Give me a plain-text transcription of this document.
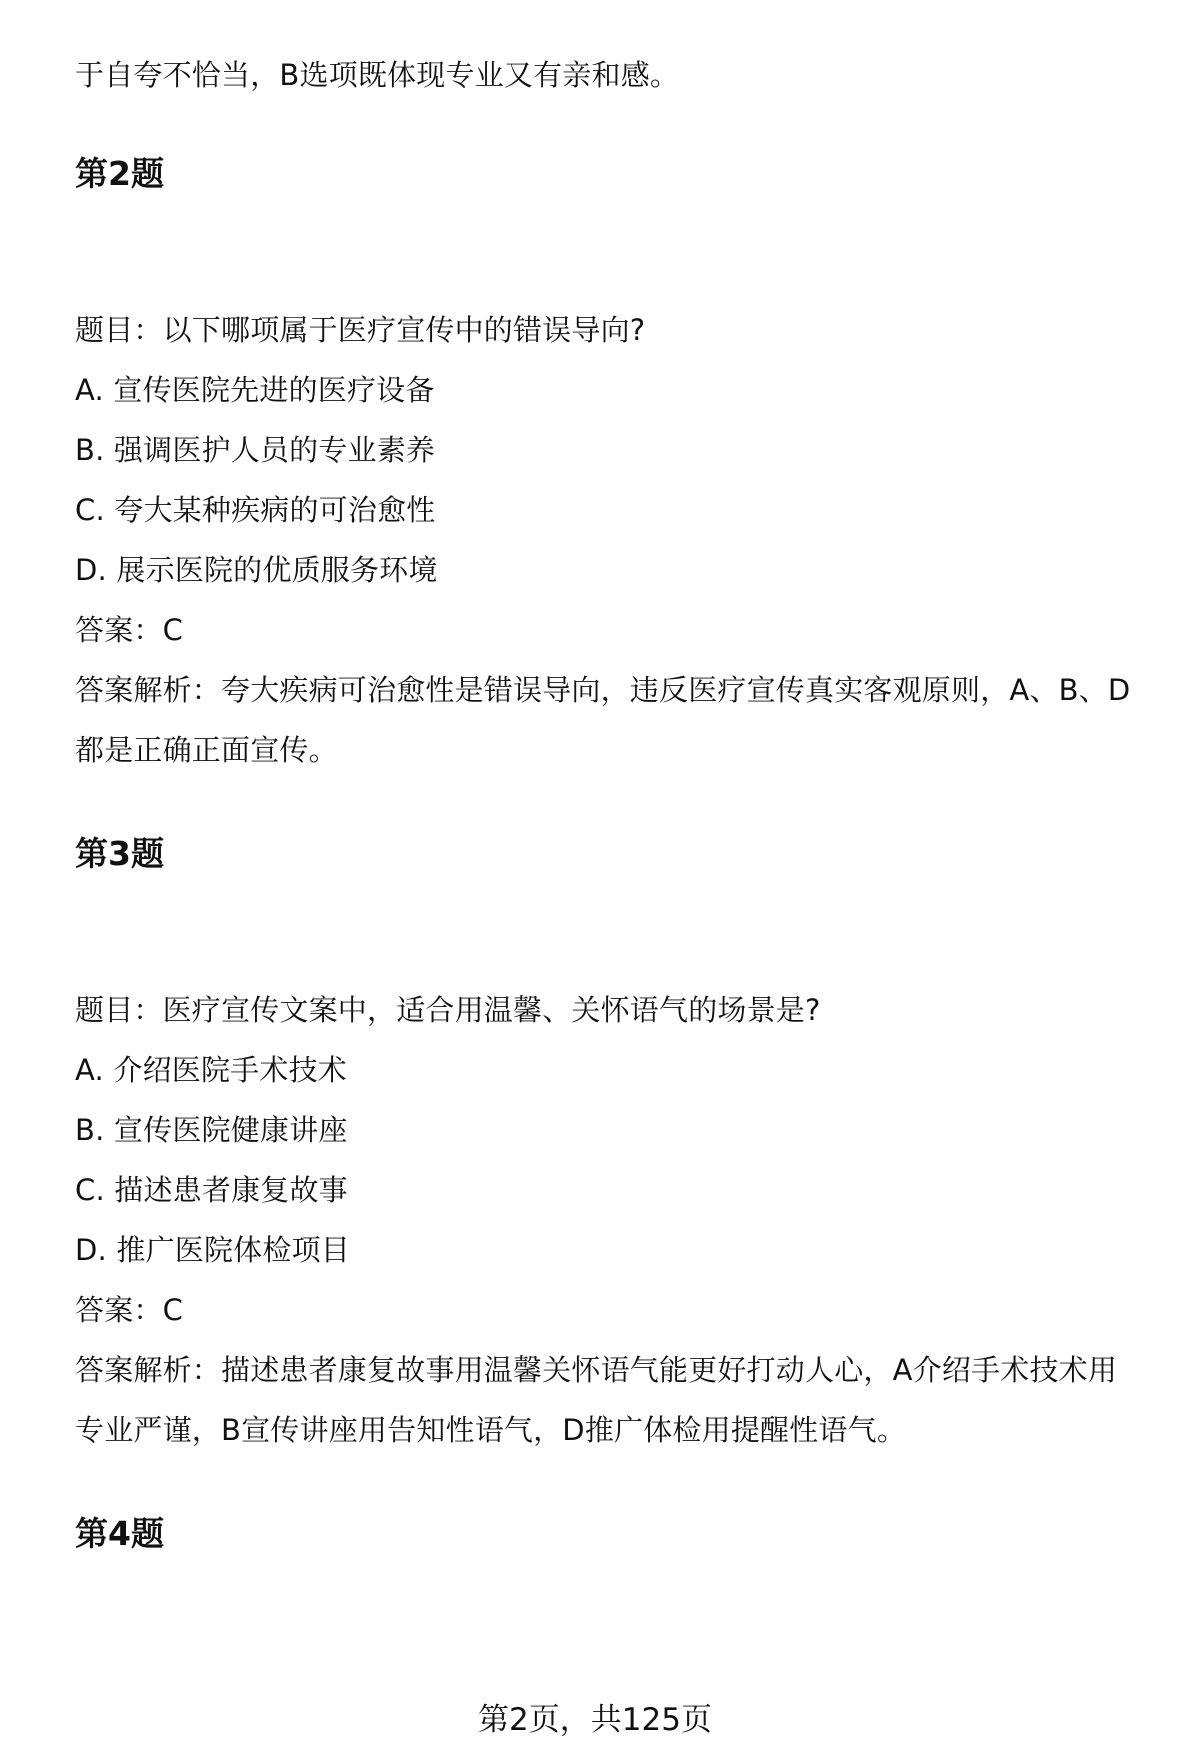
于自夸不恰当，B选项既体现专业又有亲和感。
第2题
题目：以下哪项属于医疗宣传中的错误导向?
A. 宣传医院先进的医疗设备
B. 强调医护人员的专业素养
C. 夸大某种疾病的可治愈性
D. 展示医院的优质服务环境
答案：C
答案解析：夸大疾病可治愈性是错误导向，违反医疗宣传真实客观原则，A、B、D
都是正确正面宣传。
第3题
题目：医疗宣传文案中，适合用温馨、关怀语气的场景是?
A. 介绍医院手术技术
B. 宣传医院健康讲座
C. 描述患者康复故事
D. 推广医院体检项目
答案：C
答案解析：描述患者康复故事用温馨关怀语气能更好打动人心，A介绍手术技术用
专业严谨，B宣传讲座用告知性语气，D推广体检用提醒性语气。
第4题
第2页，共125页
